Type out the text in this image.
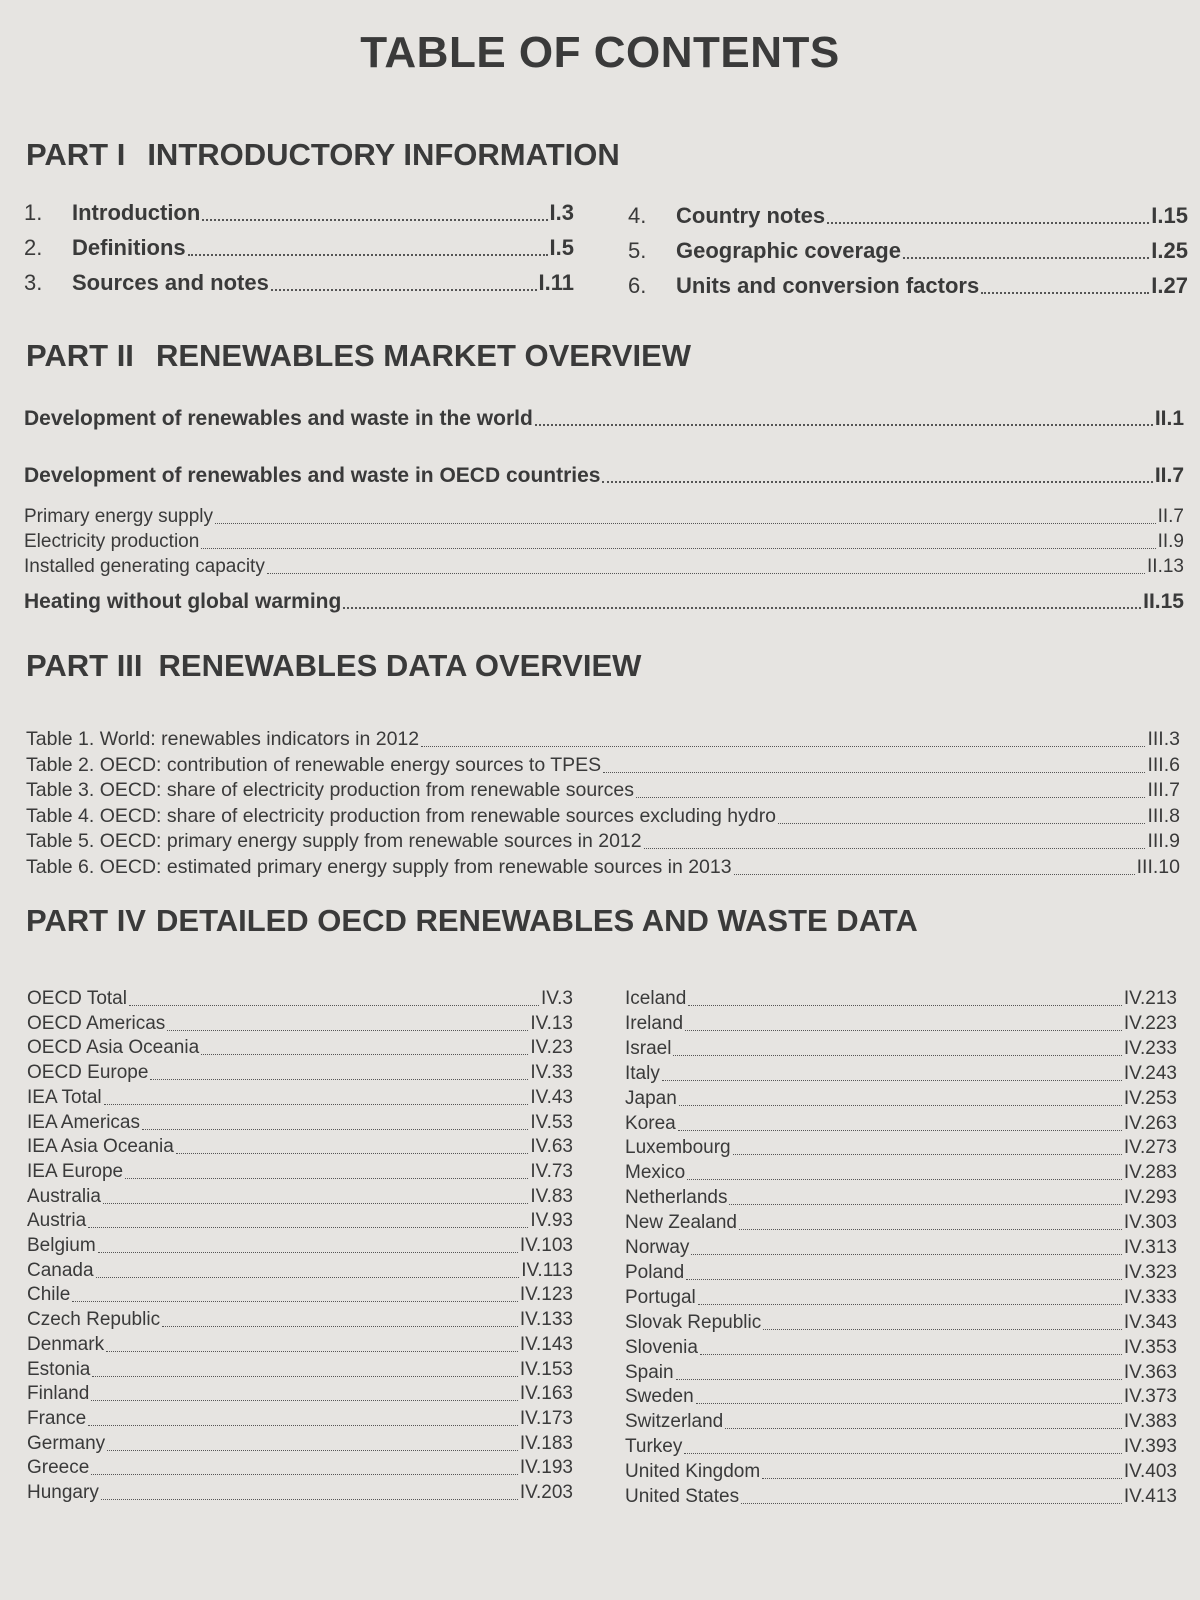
TABLE OF CONTENTS
PART I INTRODUCTORY INFORMATION
PART II RENEWABLES MARKET OVERVIEW
PART III RENEWABLES DATA OVERVIEW
PART IV DETAILED OECD RENEWABLES AND WASTE DATA
1. Introduction	I.3
2. Definitions	I.5
3. Sources and notes	I.11
4. Country notes	I.15
5. Geographic coverage	I.25
6. Units and conversion factors	I.27
Development of renewables and waste in the world	II.1
Development of renewables and waste in OECD countries	II.7
Primary energy supply	II.7
Electricity production	II.9
Installed generating capacity	II.13
Heating without global warming	II.15
Table 1. World: renewables indicators in 2012	III.3
Table 2. OECD: contribution of renewable energy sources to TPES	III.6
Table 3. OECD: share of electricity production from renewable sources	III.7
Table 4. OECD: share of electricity production from renewable sources excluding hydro	III.8
Table 5. OECD: primary energy supply from renewable sources in 2012	III.9
Table 6. OECD: estimated primary energy supply from renewable sources in 2013	III.10
OECD Total	IV.3
OECD Americas	IV.13
OECD Asia Oceania	IV.23
OECD Europe	IV.33
IEA Total	IV.43
IEA Americas	IV.53
IEA Asia Oceania	IV.63
IEA Europe	IV.73
Australia	IV.83
Austria	IV.93
Belgium	IV.103
Canada	IV.113
Chile	IV.123
Czech Republic	IV.133
Denmark	IV.143
Estonia	IV.153
Finland	IV.163
France	IV.173
Germany	IV.183
Greece	IV.193
Hungary	IV.203
Iceland	IV.213
Ireland	IV.223
Israel	IV.233
Italy	IV.243
Japan	IV.253
Korea	IV.263
Luxembourg	IV.273
Mexico	IV.283
Netherlands	IV.293
New Zealand	IV.303
Norway	IV.313
Poland	IV.323
Portugal	IV.333
Slovak Republic	IV.343
Slovenia	IV.353
Spain	IV.363
Sweden	IV.373
Switzerland	IV.383
Turkey	IV.393
United Kingdom	IV.403
United States	IV.413
